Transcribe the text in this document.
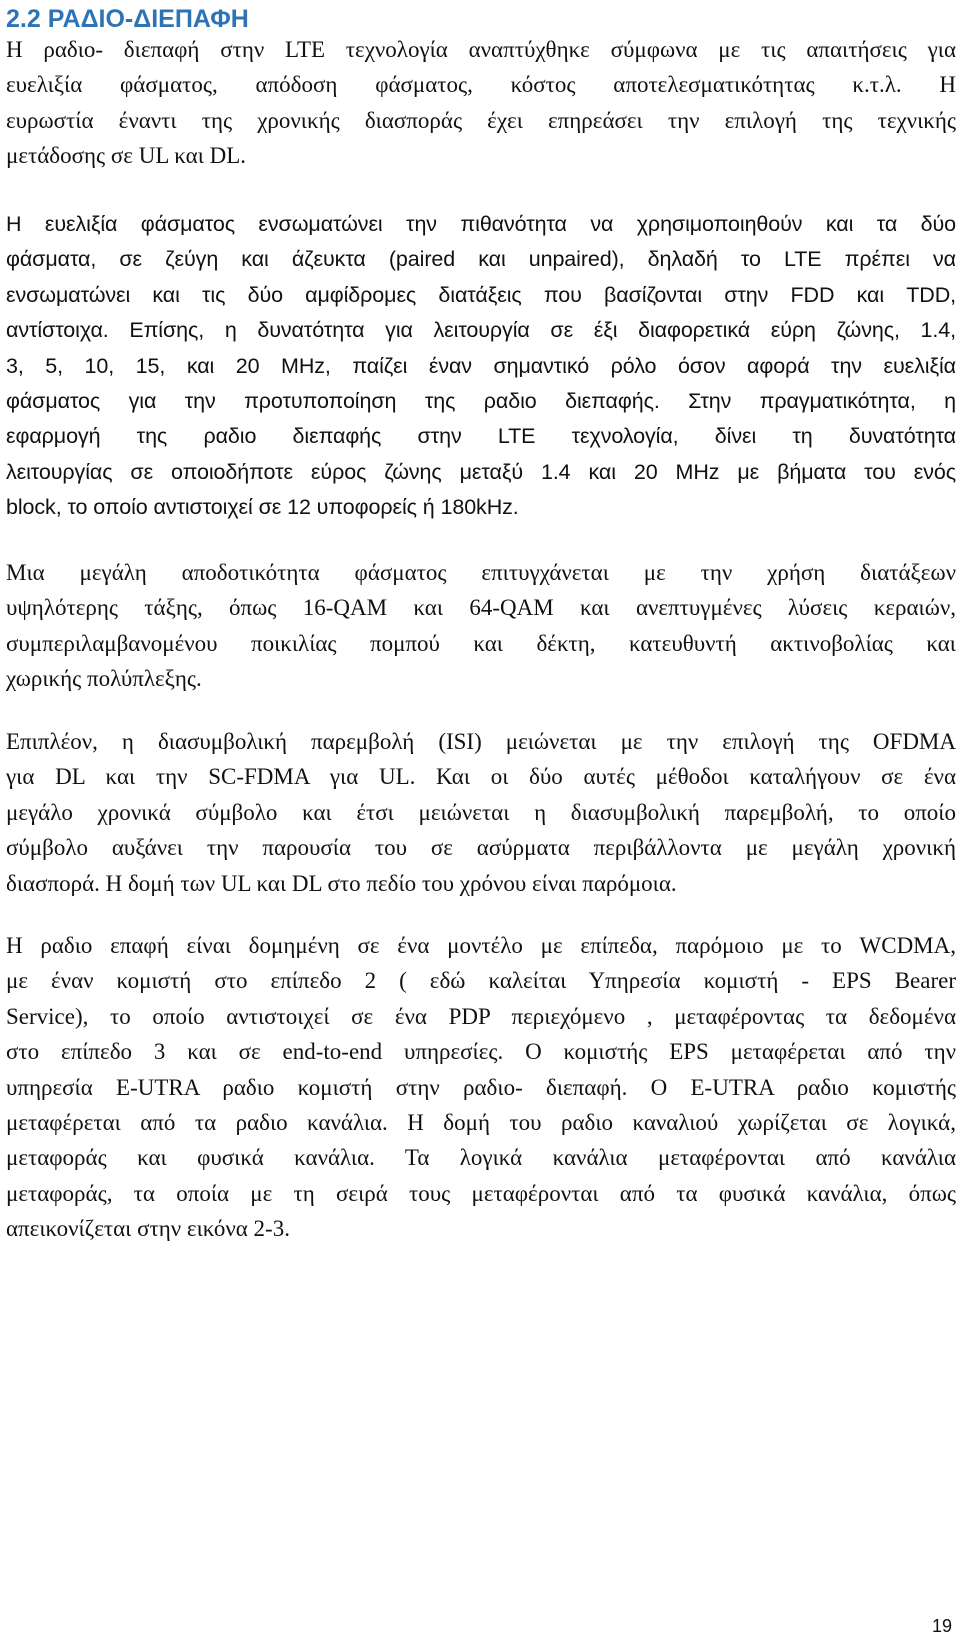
2.2 ΡΑΔΙΟ-ΔΙΕΠΑΦΗ

Η ραδιο- διεπαφή στην LTE τεχνολογία αναπτύχθηκε σύμφωνα με τις απαιτήσεις για
ευελιξία φάσματος, απόδοση φάσματος, κόστος αποτελεσματικότητας κ.τ.λ. Η
ευρωστία έναντι της χρονικής διασποράς έχει επηρεάσει την επιλογή της τεχνικής
μετάδοσης σε UL και DL.

Η ευελιξία φάσματος ενσωματώνει την πιθανότητα να χρησιμοποιηθούν και τα δύο
φάσματα, σε ζεύγη και άζευκτα (paired και unpaired), δηλαδή το LTE πρέπει να
ενσωματώνει και τις δύο αμφίδρομες διατάξεις που βασίζονται στην FDD και TDD,
αντίστοιχα. Επίσης, η δυνατότητα για λειτουργία σε έξι διαφορετικά εύρη ζώνης, 1.4,
3, 5, 10, 15, και 20 MHz, παίζει έναν σημαντικό ρόλο όσον αφορά την ευελιξία
φάσματος για την προτυποποίηση της ραδιο διεπαφής. Στην πραγματικότητα, η
εφαρμογή της ραδιο διεπαφής στην LTE τεχνολογία, δίνει τη δυνατότητα
λειτουργίας σε οποιοδήποτε εύρος ζώνης μεταξύ 1.4 και 20 MHz με βήματα του ενός
block, το οποίο αντιστοιχεί σε 12 υποφορείς ή 180kHz.

Μια μεγάλη αποδοτικότητα φάσματος επιτυγχάνεται με την χρήση διατάξεων
υψηλότερης τάξης, όπως 16-QAM και 64-QAM και ανεπτυγμένες λύσεις κεραιών,
συμπεριλαμβανομένου ποικιλίας πομπού και δέκτη, κατευθυντή ακτινοβολίας και
χωρικής πολύπλεξης.

Επιπλέον, η διασυμβολική παρεμβολή (ISI) μειώνεται με την επιλογή της OFDMA
για DL και την SC-FDMA για UL. Και οι δύο αυτές μέθοδοι καταλήγουν σε ένα
μεγάλο χρονικά σύμβολο και έτσι μειώνεται η διασυμβολική παρεμβολή, το οποίο
σύμβολο αυξάνει την παρουσία του σε ασύρματα περιβάλλοντα με μεγάλη χρονική
διασπορά. Η δομή των UL και DL στο πεδίο του χρόνου είναι παρόμοια.

Η ραδιο επαφή είναι δομημένη σε ένα μοντέλο με επίπεδα, παρόμοιο με το WCDMA,
με έναν κομιστή στο επίπεδο 2 ( εδώ καλείται Υπηρεσία κομιστή - EPS Bearer
Service), το οποίο αντιστοιχεί σε ένα PDP περιεχόμενο , μεταφέροντας τα δεδομένα
στο επίπεδο 3 και σε end-to-end υπηρεσίες. Ο κομιστής EPS μεταφέρεται από την
υπηρεσία E-UTRA ραδιο κομιστή στην ραδιο- διεπαφή. Ο E-UTRA ραδιο κομιστής
μεταφέρεται από τα ραδιο κανάλια. Η δομή του ραδιο καναλιού χωρίζεται σε λογικά,
μεταφοράς και φυσικά κανάλια. Τα λογικά κανάλια μεταφέρονται από κανάλια
μεταφοράς, τα οποία με τη σειρά τους μεταφέρονται από τα φυσικά κανάλια, όπως
απεικονίζεται στην εικόνα 2-3.

19
